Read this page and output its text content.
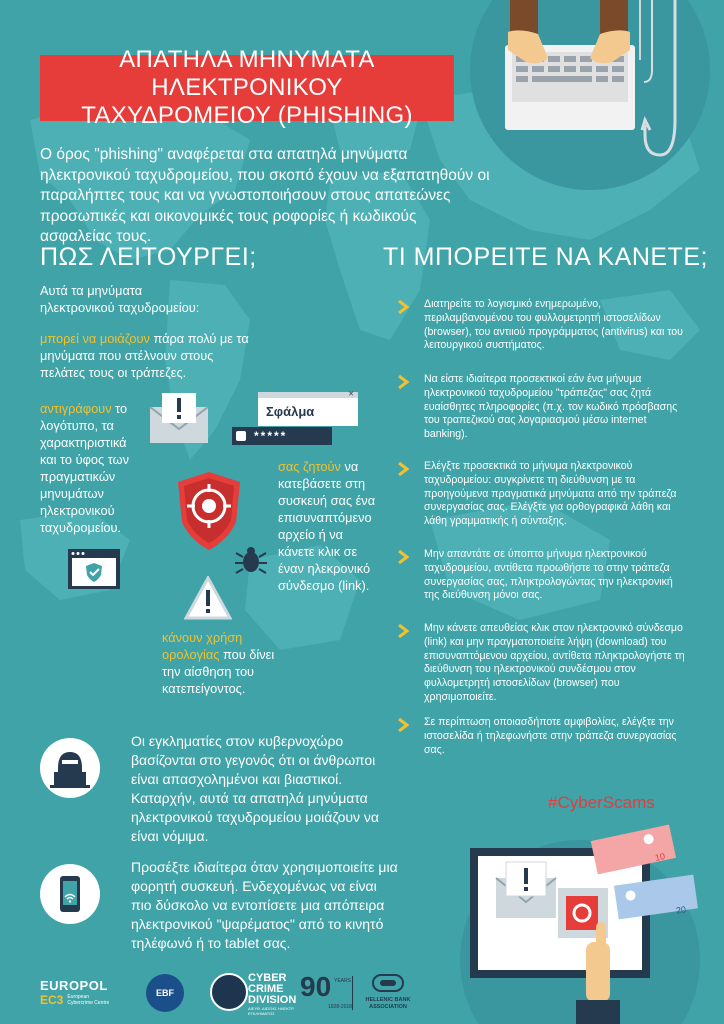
ΑΠΑΤΗΛΑ ΜΗΝΥΜΑΤΑ ΗΛΕΚΤΡΟΝΙΚΟΥ
ΤΑΧΥΔΡΟΜΕΙΟΥ (PHISHING)
Ο όρος "phishing" αναφέρεται στα απατηλά μηνύματα ηλεκτρονικού ταχυδρομείου, που σκοπό έχουν να εξαπατηθούν οι παραλήπτες τους και να γνωστοποιήσουν στους απατεώνες προσωπικές και οικονομικές τους ροφορίες ή κωδικούς ασφαλείας τους.
ΠΩΣ ΛΕΙΤΟΥΡΓΕΙ;	ΤΙ ΜΠΟΡΕΙΤΕ ΝΑ ΚΑΝΕΤΕ;
Αυτά τα μηνύματα ηλεκτρονικού ταχυδρομείου:
μπορεί να μοιάζουν πάρα πολύ με τα μηνύματα που στέλνουν στους πελάτες τους οι τράπεζες.
αντιγράφουν το λογότυπο, τα χαρακτηριστικά και το ύφος των πραγματικών μηνυμάτων ηλεκτρονικού ταχυδρομείου.
σας ζητούν να κατεβάσετε στη συσκευή σας ένα επισυναπτόμενο αρχείο ή να κάνετε κλικ σε έναν ηλεκρονικό σύνδεσμο (link).
κάνουν χρήση ορολογίας που δίνει την αίσθηση του κατεπείγοντος.
✕
Σφάλμα
*****
Διατηρείτε το λογισμικό ενημερωμένο, περιλαμβανομένου του φυλλομετρητή ιστοσελίδων (browser), του αντιιού προγράμματος (antivirus) και του λειτουργικού συστήματος.
Να είστε ιδιαίτερα προσεκτικοί εάν ένα μήνυμα ηλεκτρονικού ταχυδρομείου "τράπεζας" σας ζητά ευαίσθητες πληροφορίες (π.χ. τον κωδικό πρόσβασης του τραπεζικού σας λογαριασμού μέσω internet banking).
Ελέγξτε προσεκτικά το μήνυμα ηλεκτρονικού ταχυδρομείου: συγκρίνετε τη διεύθυνση με τα προηγούμενα πραγματικά μηνύματα από την τράπεζα συνεργασίας σας. Ελέγξτε για ορθογραφικά λάθη και λάθη γραμματικής ή σύνταξης.
Μην απαντάτε σε ύποπτο μήνυμα ηλεκτρονικού ταχυδρομείου, αντίθετα προωθήστε το στην τράπεζα συνεργασίας σας, πληκτρολογώντας την ηλεκτρονική της διεύθυνση μόνοι σας.
Μην κάνετε απευθείας κλικ στον ηλεκτρονικό σύνδεσμο (link) και μην πραγματοποιείτε λήψη (download) του επισυναπτόμενου αρχείου, αντίθετα πληκτρολογήστε τη διεύθυνση του ηλεκτρονικού συνδέσμου στον φυλλομετρητή ιστοσελίδων (browser) που χρησιμοποιείτε.
Σε περίπτωση οποιασδήποτε αμφιβολίας, ελέγξτε την ιστοσελίδα ή τηλεφωνήστε στην τράπεζα συνεργασίας σας.
#CyberScams
Οι εγκληματίες στον κυβερνοχώρο βασίζονται στο γεγονός ότι οι άνθρωποι είναι απασχολημένοι και βιαστικοί. Καταρχήν, αυτά τα απατηλά μηνύματα ηλεκτρονικού ταχυδρομείου μοιάζουν να είναι νόμιμα.
Προσέξτε ιδιαίτερα όταν χρησιμοποιείτε μια φορητή συσκευή. Ενδεχομένως να είναι πιο δύσκολο να εντοπίσετε μια απόπειρα ηλεκτρονικού "ψαρέματος" από το κινητό τηλέφωνό ή το tablet σας.
10
20
EUROPOL
EC3 European Cybercrime Centre
EBF
CYBER
CRIME
DIVISION
ΔΙΕΥΘ. ΔΙΩΞΗΣ ΗΛΕΚΤΡ. ΕΓΚΛΗΜΑΤΟΣ
90 YEARS
1928-2018
HELLENIC BANK
ASSOCIATION
